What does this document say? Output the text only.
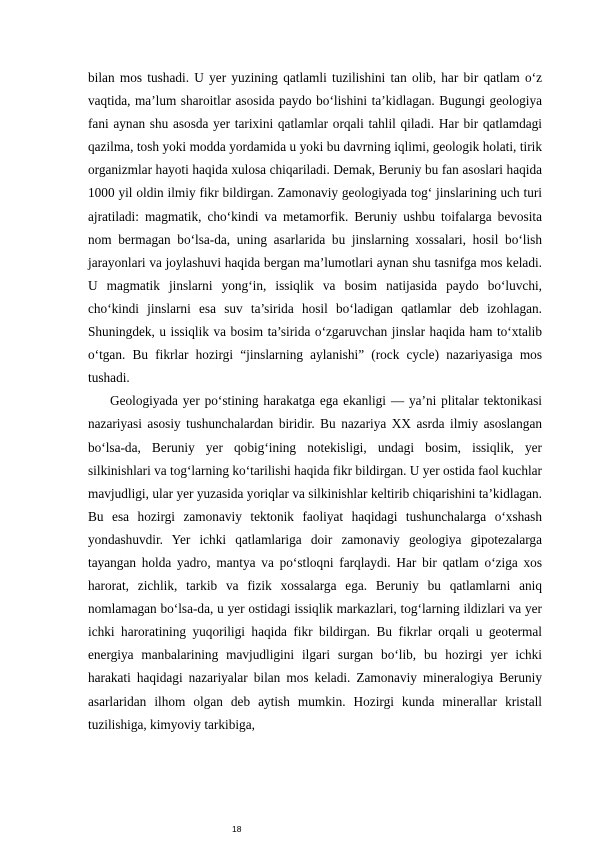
bilan mos tushadi. U yer yuzining qatlamli tuzilishini tan olib, har bir qatlam o‘z vaqtida, ma’lum sharoitlar asosida paydo bo‘lishini ta’kidlagan. Bugungi geologiya fani aynan shu asosda yer tarixini qatlamlar orqali tahlil qiladi. Har bir qatlamdagi qazilma, tosh yoki modda yordamida u yoki bu davrning iqlimi, geologik holati, tirik organizmlar hayoti haqida xulosa chiqariladi. Demak, Beruniy bu fan asoslari haqida 1000 yil oldin ilmiy fikr bildirgan. Zamonaviy geologiyada tog‘ jinslarining uch turi ajratiladi: magmatik, cho‘kindi va metamorfik. Beruniy ushbu toifalarga bevosita nom bermagan bo‘lsa-da, uning asarlarida bu jinslarning xossalari, hosil bo‘lish jarayonlari va joylashuvi haqida bergan ma’lumotlari aynan shu tasnifga mos keladi. U magmatik jinslarni yong‘in, issiqlik va bosim natijasida paydo bo‘luvchi, cho‘kindi jinslarni esa suv ta’sirida hosil bo‘ladigan qatlamlar deb izohlagan. Shuningdek, u issiqlik va bosim ta’sirida o‘zgaruvchan jinslar haqida ham to‘xtalib o‘tgan. Bu fikrlar hozirgi “jinslarning aylanishi” (rock cycle) nazariyasiga mos tushadi.

Geologiyada yer po‘stining harakatga ega ekanligi — ya’ni plitalar tektonikasi nazariyasi asosiy tushunchalardan biridir. Bu nazariya XX asrda ilmiy asoslangan bo‘lsa-da, Beruniy yer qobig‘ining notekisligi, undagi bosim, issiqlik, yer silkinishlari va tog‘larning ko‘tarilishi haqida fikr bildirgan. U yer ostida faol kuchlar mavjudligi, ular yer yuzasida yoriqlar va silkinishlar keltirib chiqarishini ta’kidlagan. Bu esa hozirgi zamonaviy tektonik faoliyat haqidagi tushunchalarga o‘xshash yondashuvdir. Yer ichki qatlamlariga doir zamonaviy geologiya gipotezalarga tayangan holda yadro, mantya va po‘stloqni farqlaydi. Har bir qatlam o‘ziga xos harorat, zichlik, tarkib va fizik xossalarga ega. Beruniy bu qatlamlarni aniq nomlamagan bo‘lsa-da, u yer ostidagi issiqlik markazlari, tog‘larning ildizlari va yer ichki haroratining yuqoriligi haqida fikr bildirgan. Bu fikrlar orqali u geotermal energiya manbalarining mavjudligini ilgari surgan bo‘lib, bu hozirgi yer ichki harakati haqidagi nazariyalar bilan mos keladi. Zamonaviy mineralogiya Beruniy asarlaridan ilhom olgan deb aytish mumkin. Hozirgi kunda minerallar kristall tuzilishiga, kimyoviy tarkibiga,

18
